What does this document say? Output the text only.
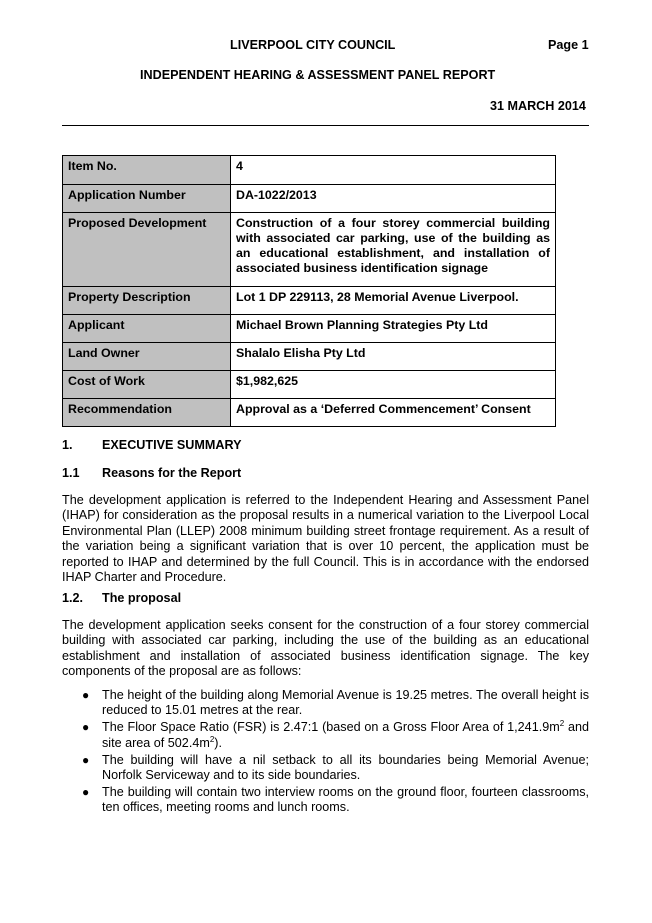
LIVERPOOL CITY COUNCIL	Page 1
INDEPENDENT HEARING & ASSESSMENT PANEL REPORT
31 MARCH 2014
Item No.	4
Application Number	DA-1022/2013
Proposed Development	Construction of a four storey commercial building with associated car parking, use of the building as an educational establishment, and installation of associated business identification signage
Property Description	Lot 1 DP 229113, 28 Memorial Avenue Liverpool.
Applicant	Michael Brown Planning Strategies Pty Ltd
Land Owner	Shalalo Elisha Pty Ltd
Cost of Work	$1,982,625
Recommendation	Approval as a ‘Deferred Commencement’ Consent
1. EXECUTIVE SUMMARY
1.1 Reasons for the Report
The development application is referred to the Independent Hearing and Assessment Panel (IHAP) for consideration as the proposal results in a numerical variation to the Liverpool Local Environmental Plan (LLEP) 2008 minimum building street frontage requirement. As a result of the variation being a significant variation that is over 10 percent, the application must be reported to IHAP and determined by the full Council. This is in accordance with the endorsed IHAP Charter and Procedure.
1.2. The proposal
The development application seeks consent for the construction of a four storey commercial building with associated car parking, including the use of the building as an educational establishment and installation of associated business identification signage. The key components of the proposal are as follows:
● The height of the building along Memorial Avenue is 19.25 metres. The overall height is reduced to 15.01 metres at the rear.
● The Floor Space Ratio (FSR) is 2.47:1 (based on a Gross Floor Area of $1,241.9m^2$ and site area of $502.4m^2$).
● The building will have a nil setback to all its boundaries being Memorial Avenue; Norfolk Serviceway and to its side boundaries.
● The building will contain two interview rooms on the ground floor, fourteen classrooms, ten offices, meeting rooms and lunch rooms.
